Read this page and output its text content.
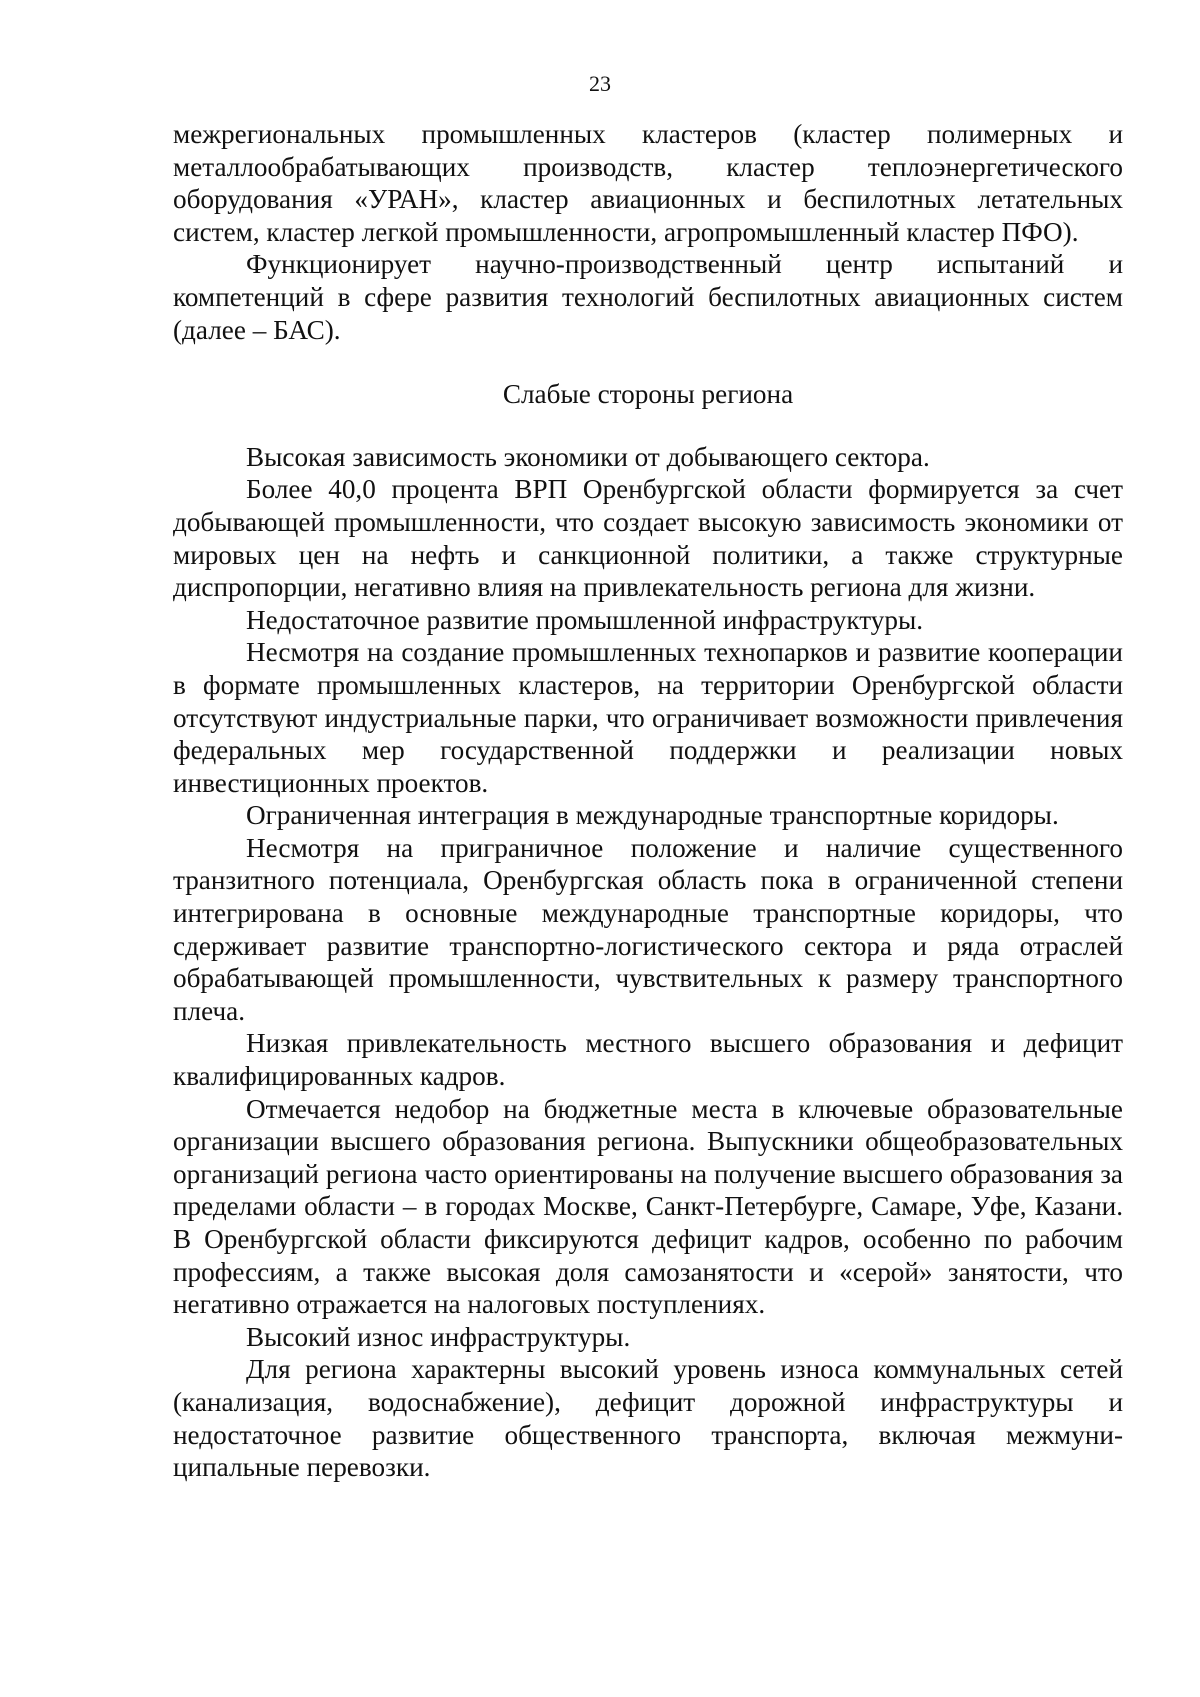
23

межрегиональных промышленных кластеров (кластер полимерных и металлообрабатывающих производств, кластер теплоэнергетического оборудования «УРАН», кластер авиационных и беспилотных летательных систем, кластер легкой промышленности, агропромышленный кластер ПФО).

Функционирует научно-производственный центр испытаний и компетенций в сфере развития технологий беспилотных авиационных систем (далее – БАС).

Слабые стороны региона

Высокая зависимость экономики от добывающего сектора.

Более 40,0 процента ВРП Оренбургской области формируется за счет добывающей промышленности, что создает высокую зависимость экономики от мировых цен на нефть и санкционной политики, а также структурные диспропорции, негативно влияя на привлекательность региона для жизни.

Недостаточное развитие промышленной инфраструктуры.

Несмотря на создание промышленных технопарков и развитие кооперации в формате промышленных кластеров, на территории Оренбургской области отсутствуют индустриальные парки, что ограничивает возможности привлечения федеральных мер государственной поддержки и реализации новых инвестиционных проектов.

Ограниченная интеграция в международные транспортные коридоры.

Несмотря на приграничное положение и наличие существенного транзитного потенциала, Оренбургская область пока в ограниченной степени интегрирована в основные международные транспортные коридоры, что сдерживает развитие транспортно-логистического сектора и ряда отраслей обрабатывающей промышленности, чувствительных к размеру транспортного плеча.

Низкая привлекательность местного высшего образования и дефицит квалифицированных кадров.

Отмечается недобор на бюджетные места в ключевые образовательные организации высшего образования региона. Выпускники общеобразовательных организаций региона часто ориентированы на получение высшего образования за пределами области – в городах Москве, Санкт-Петербурге, Самаре, Уфе, Казани. В Оренбургской области фиксируются дефицит кадров, особенно по рабочим профессиям, а также высокая доля самозанятости и «серой» занятости, что негативно отражается на налоговых поступлениях.

Высокий износ инфраструктуры.

Для региона характерны высокий уровень износа коммунальных сетей (канализация, водоснабжение), дефицит дорожной инфраструктуры и недостаточное развитие общественного транспорта, включая межмуниципальные перевозки.
